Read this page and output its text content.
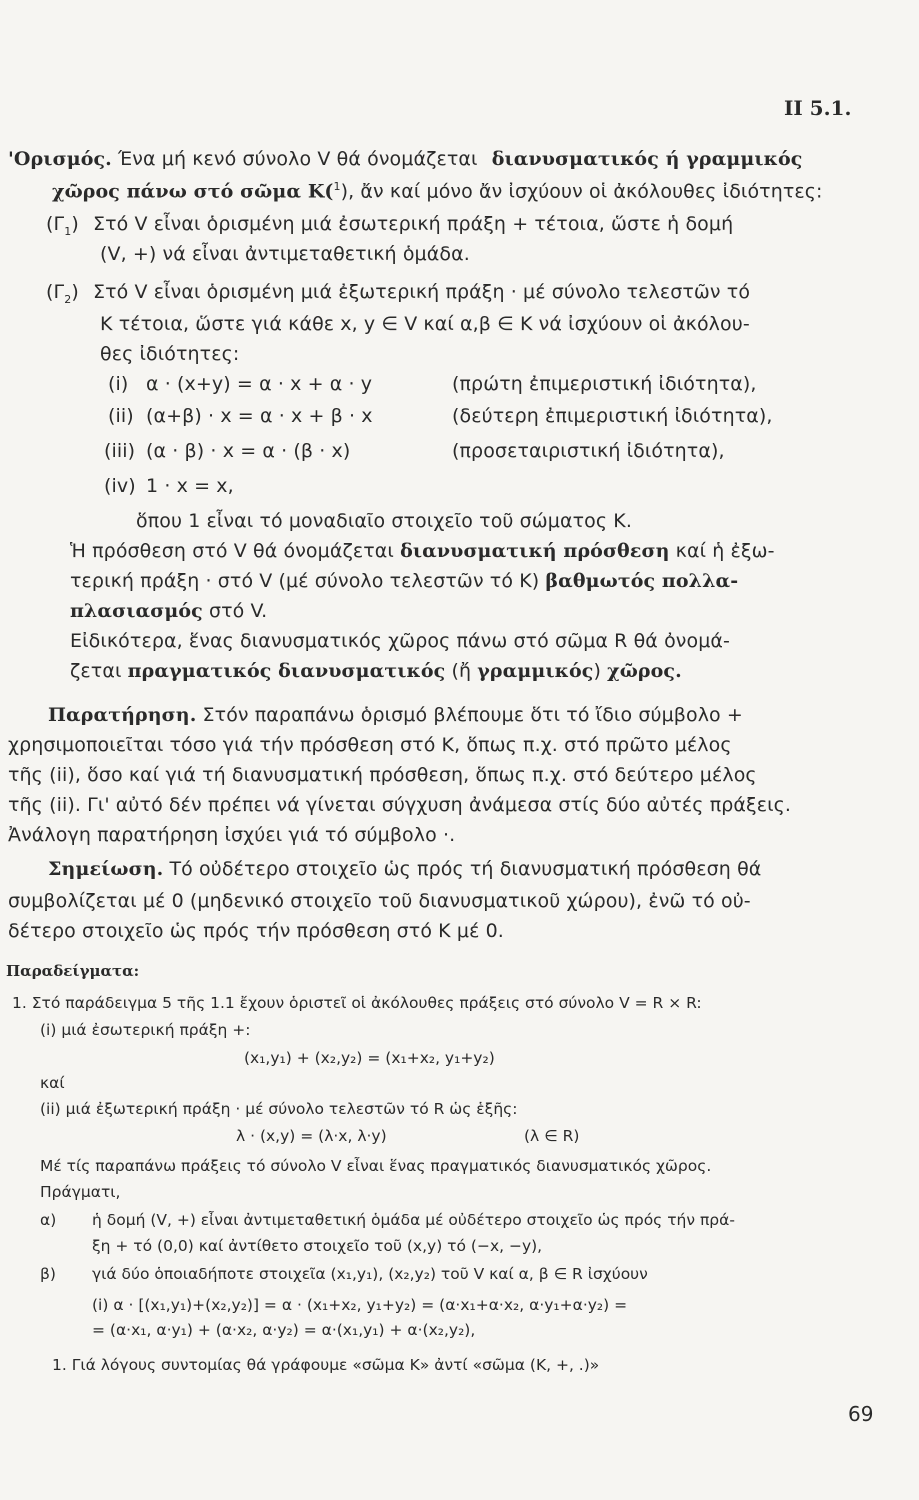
II 5.1.
'Ορισμός. Ένα μή κενό σύνολο V θά όνομάζεται διανυσματικός ή γραμμικός
χῶρος πάνω στό σῶμα Κ($^1$), ἄν καί μόνο ἄν ἰσχύουν οἱ ἀκόλουθες ἰδιότητες:
$(\Gamma_1)$ Στό V εἶναι ὁρισμένη μιά ἐσωτερική πράξη + τέτοια, ὥστε ἡ δομή
(V, +) νά εἶναι ἀντιμεταθετική ὁμάδα.
$(\Gamma_2)$ Στό V εἶναι ὁρισμένη μιά ἐξωτερική πράξη · μέ σύνολο τελεστῶν τό
Κ τέτοια, ὥστε γιά κάθε x, y ∈ V καί α,β ∈ Κ νά ἰσχύουν οἱ ἀκόλου-
θες ἰδιότητες:
(i) α · (x+y) = α · x + α · y	(πρώτη ἐπιμεριστική ἰδιότητα),
(ii) (α+β) · x = α · x + β · x	(δεύτερη ἐπιμεριστική ἰδιότητα),
(iii) (α · β) · x = α · (β · x)	(προσεταιριστική ἰδιότητα),
(iv) 1 · x = x,
ὅπου 1 εἶναι τό μοναδιαῖο στοιχεῖο τοῦ σώματος Κ.
Ἡ πρόσθεση στό V θά όνομάζεται διανυσματική πρόσθεση καί ἡ ἐξω-
τερική πράξη · στό V (μέ σύνολο τελεστῶν τό Κ) βαθμωτός πολλα-
πλασιασμός στό V.
Εἰδικότερα, ἕνας διανυσματικός χῶρος πάνω στό σῶμα R θά ὀνομά-
ζεται πραγματικός διανυσματικός (ἤ γραμμικός) χῶρος.
Παρατήρηση. Στόν παραπάνω ὁρισμό βλέπουμε ὅτι τό ἴδιο σύμβολο +
χρησιμοποιεῖται τόσο γιά τήν πρόσθεση στό Κ, ὅπως π.χ. στό πρῶτο μέλος
τῆς (ii), ὅσο καί γιά τή διανυσματική πρόσθεση, ὅπως π.χ. στό δεύτερο μέλος
τῆς (ii). Γι' αὐτό δέν πρέπει νά γίνεται σύγχυση ἀνάμεσα στίς δύο αὐτές πράξεις.
Ἀνάλογη παρατήρηση ἰσχύει γιά τό σύμβολο ·.
Σημείωση. Τό οὐδέτερο στοιχεῖο ὡς πρός τή διανυσματική πρόσθεση θά
συμβολίζεται μέ 0 (μηδενικό στοιχεῖο τοῦ διανυσματικοῦ χώρου), ἐνῶ τό οὐ-
δέτερο στοιχεῖο ὡς πρός τήν πρόσθεση στό Κ μέ 0.
Παραδείγματα:
1. Στό παράδειγμα 5 τῆς 1.1 ἔχουν ὁριστεῖ οἱ ἀκόλουθες πράξεις στό σύνολο V = R × R:
(i) μιά ἐσωτερική πράξη +:
(x₁,y₁) + (x₂,y₂) = (x₁+x₂, y₁+y₂)
καί
(ii) μιά ἐξωτερική πράξη · μέ σύνολο τελεστῶν τό R ὡς ἑξῆς:
λ · (x,y) = (λ·x, λ·y)	(λ ∈ R)
Μέ τίς παραπάνω πράξεις τό σύνολο V εἶναι ἕνας πραγματικός διανυσματικός χῶρος.
Πράγματι,
α) ἡ δομή (V, +) εἶναι ἀντιμεταθετική ὁμάδα μέ οὐδέτερο στοιχεῖο ὡς πρός τήν πρά-
ξη + τό (0,0) καί ἀντίθετο στοιχεῖο τοῦ (x,y) τό (−x, −y),
β) γιά δύο ὁποιαδήποτε στοιχεῖα (x₁,y₁), (x₂,y₂) τοῦ V καί α, β ∈ R ἰσχύουν
(i) α · [(x₁,y₁)+(x₂,y₂)] = α · (x₁+x₂, y₁+y₂) = (α·x₁+α·x₂, α·y₁+α·y₂) =
= (α·x₁, α·y₁) + (α·x₂, α·y₂) = α·(x₁,y₁) + α·(x₂,y₂),
1. Γιά λόγους συντομίας θά γράφουμε «σῶμα Κ» ἀντί «σῶμα (Κ, +, .)»
69
